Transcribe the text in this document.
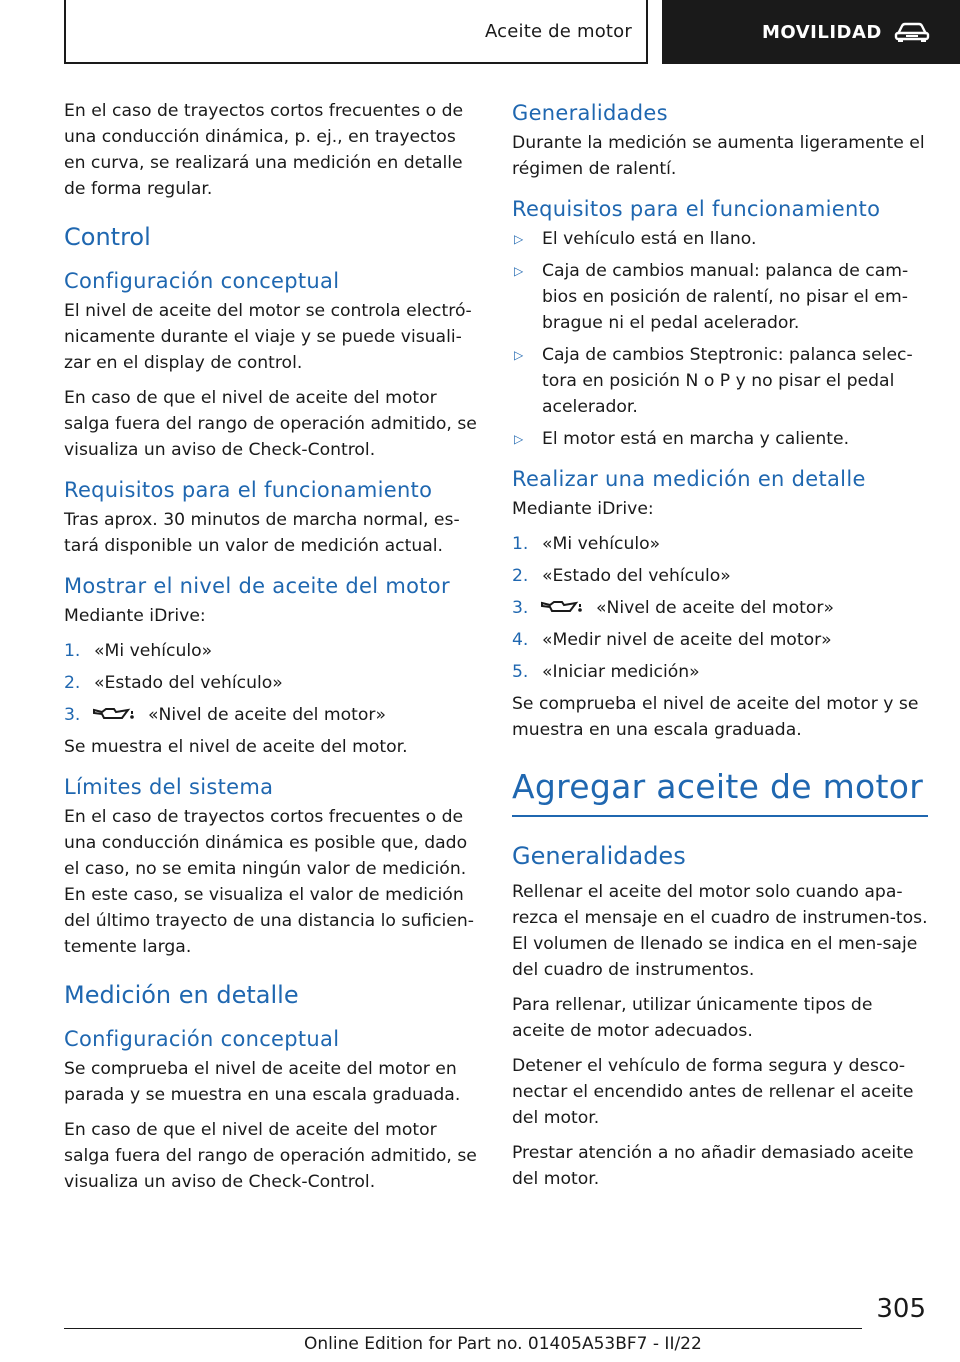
Aceite de motor	MOVILIDAD

En el caso de trayectos cortos frecuentes o de una conducción dinámica, p. ej., en trayectos en curva, se realizará una medición en detalle de forma regular.

Control
Configuración conceptual

El nivel de aceite del motor se controla electró‐nicamente durante el viaje y se puede visuali‐zar en el display de control.

En caso de que el nivel de aceite del motor salga fuera del rango de operación admitido, se visualiza un aviso de Check-Control.

Requisitos para el funcionamiento

Tras aprox. 30 minutos de marcha normal, es‐tará disponible un valor de medición actual.

Mostrar el nivel de aceite del motor

Mediante iDrive:

1. «Mi vehículo»
2. «Estado del vehículo»
3.	«Nivel de aceite del motor»

Se muestra el nivel de aceite del motor.

Límites del sistema

En el caso de trayectos cortos frecuentes o de una conducción dinámica es posible que, dado el caso, no se emita ningún valor de medición. En este caso, se visualiza el valor de medición del último trayecto de una distancia lo suficien‐temente larga.

Medición en detalle
Configuración conceptual

Se comprueba el nivel de aceite del motor en parada y se muestra en una escala graduada.

En caso de que el nivel de aceite del motor salga fuera del rango de operación admitido, se visualiza un aviso de Check-Control.

Generalidades

Durante la medición se aumenta ligeramente el régimen de ralentí.

Requisitos para el funcionamiento
▷ El vehículo está en llano.
▷ Caja de cambios manual: palanca de cam‐bios en posición de ralentí, no pisar el em‐brague ni el pedal acelerador.
▷ Caja de cambios Steptronic: palanca selec‐tora en posición N o P y no pisar el pedal acelerador.
▷ El motor está en marcha y caliente.
Realizar una medición en detalle

Mediante iDrive:

1. «Mi vehículo»
2. «Estado del vehículo»
3.	«Nivel de aceite del motor»
4. «Medir nivel de aceite del motor»
5. «Iniciar medición»

Se comprueba el nivel de aceite del motor y se muestra en una escala graduada.

Agregar aceite de motor
Generalidades

Rellenar el aceite del motor solo cuando apa‐rezca el mensaje en el cuadro de instrumen‐tos. El volumen de llenado se indica en el men‐saje del cuadro de instrumentos.

Para rellenar, utilizar únicamente tipos de aceite de motor adecuados.

Detener el vehículo de forma segura y desco‐nectar el encendido antes de rellenar el aceite del motor.

Prestar atención a no añadir demasiado aceite del motor.

305
Online Edition for Part no. 01405A53BF7 - II/22
